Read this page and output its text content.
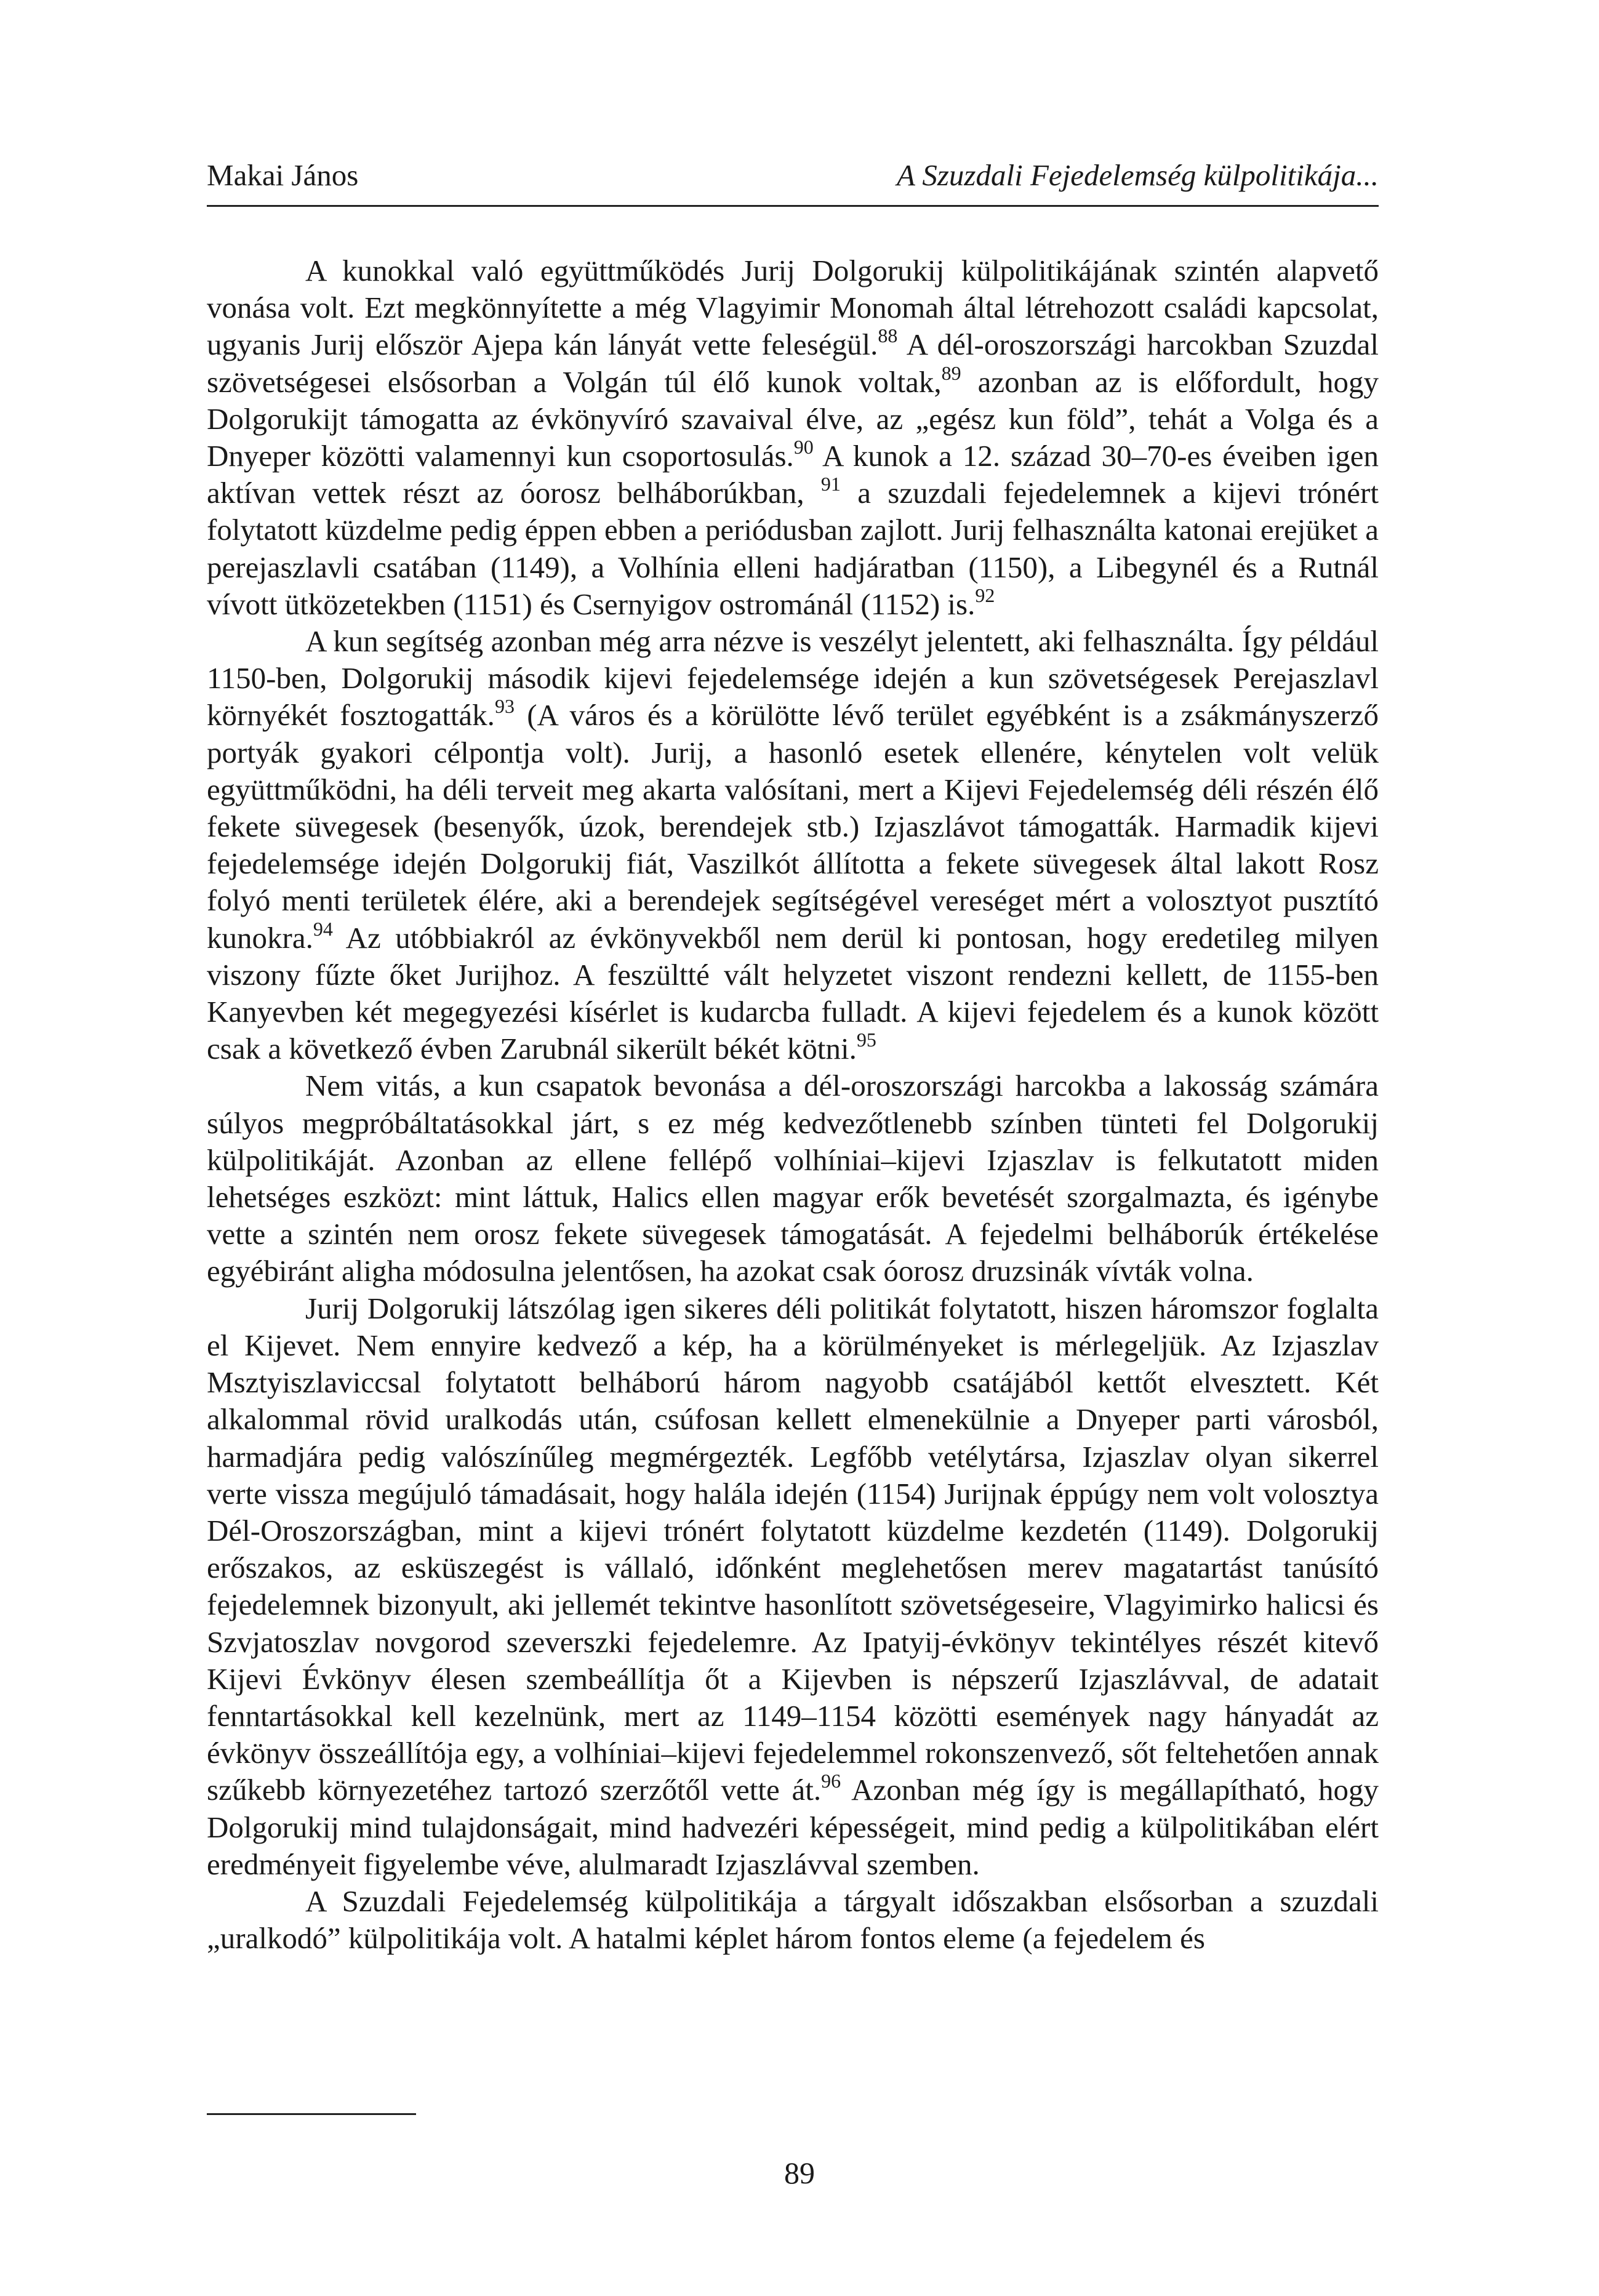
Makai János	A Szuzdali Fejedelemség külpolitikája...

A kunokkal való együttműködés Jurij Dolgorukij külpolitikájának szintén alapvető vonása volt. Ezt megkönnyítette a még Vlagyimir Monomah által létrehozott családi kapcsolat, ugyanis Jurij először Ajepa kán lányát vette feleségül.$^{88}$ A dél-oroszországi harcokban Szuzdal szövetségesei elsősorban a Volgán túl élő kunok voltak,$^{89}$ azonban az is előfordult, hogy Dolgorukijt támogatta az évkönyvíró szavaival élve, az „egész kun föld”, tehát a Volga és a Dnyeper közötti valamennyi kun csoportosulás.$^{90}$ A kunok a 12. század 30–70-es éveiben igen aktívan vettek részt az óorosz belháborúkban, $^{91}$ a szuzdali fejedelemnek a kijevi trónért folytatott küzdelme pedig éppen ebben a periódusban zajlott. Jurij felhasználta katonai erejüket a perejaszlavli csatában (1149), a Volhínia elleni hadjáratban (1150), a Libegynél és a Rutnál vívott ütközetekben (1151) és Csernyigov ostrománál (1152) is.$^{92}$

A kun segítség azonban még arra nézve is veszélyt jelentett, aki felhasználta. Így például 1150-ben, Dolgorukij második kijevi fejedelemsége idején a kun szövetségesek Perejaszlavl környékét fosztogatták.$^{93}$ (A város és a körülötte lévő terület egyébként is a zsákmányszerző portyák gyakori célpontja volt). Jurij, a hasonló esetek ellenére, kénytelen volt velük együttműködni, ha déli terveit meg akarta valósítani, mert a Kijevi Fejedelemség déli részén élő fekete süvegesek (besenyők, úzok, berendejek stb.) Izjaszlávot támogatták. Harmadik kijevi fejedelemsége idején Dolgorukij fiát, Vaszilkót állította a fekete süvegesek által lakott Rosz folyó menti területek élére, aki a berendejek segítségével vereséget mért a volosztyot pusztító kunokra.$^{94}$ Az utóbbiakról az évkönyvekből nem derül ki pontosan, hogy eredetileg milyen viszony fűzte őket Jurijhoz. A feszültté vált helyzetet viszont rendezni kellett, de 1155-ben Kanyevben két megegyezési kísérlet is kudarcba fulladt. A kijevi fejedelem és a kunok között csak a következő évben Zarubnál sikerült békét kötni.$^{95}$

Nem vitás, a kun csapatok bevonása a dél-oroszországi harcokba a lakosság számára súlyos megpróbáltatásokkal járt, s ez még kedvezőtlenebb színben tünteti fel Dolgorukij külpolitikáját. Azonban az ellene fellépő volhíniai–kijevi Izjaszlav is felkutatott miden lehetséges eszközt: mint láttuk, Halics ellen magyar erők bevetését szorgalmazta, és igénybe vette a szintén nem orosz fekete süvegesek támogatását. A fejedelmi belháborúk értékelése egyébiránt aligha módosulna jelentősen, ha azokat csak óorosz druzsinák vívták volna.

Jurij Dolgorukij látszólag igen sikeres déli politikát folytatott, hiszen háromszor foglalta el Kijevet. Nem ennyire kedvező a kép, ha a körülményeket is mérlegeljük. Az Izjaszlav Msztyiszlaviccsal folytatott belháború három nagyobb csatájából kettőt elvesztett. Két alkalommal rövid uralkodás után, csúfosan kellett elmenekülnie a Dnyeper parti városból, harmadjára pedig valószínűleg megmérgezték. Legfőbb vetélytársa, Izjaszlav olyan sikerrel verte vissza megújuló támadásait, hogy halála idején (1154) Jurijnak éppúgy nem volt volosztya Dél-Oroszországban, mint a kijevi trónért folytatott küzdelme kezdetén (1149). Dolgorukij erőszakos, az esküszegést is vállaló, időnként meglehetősen merev magatartást tanúsító fejedelemnek bizonyult, aki jellemét tekintve hasonlított szövetségeseire, Vlagyimirko halicsi és Szvjatoszlav novgorod szeverszki fejedelemre. Az Ipatyij-évkönyv tekintélyes részét kitevő Kijevi Évkönyv élesen szembeállítja őt a Kijevben is népszerű Izjaszlávval, de adatait fenntartásokkal kell kezelnünk, mert az 1149–1154 közötti események nagy hányadát az évkönyv összeállítója egy, a volhíniai–kijevi fejedelemmel rokonszenvező, sőt feltehetően annak szűkebb környezetéhez tartozó szerzőtől vette át.$^{96}$ Azonban még így is megállapítható, hogy Dolgorukij mind tulajdonságait, mind hadvezéri képességeit, mind pedig a külpolitikában elért eredményeit figyelembe véve, alulmaradt Izjaszlávval szemben.

A Szuzdali Fejedelemség külpolitikája a tárgyalt időszakban elsősorban a szuzdali „uralkodó” külpolitikája volt. A hatalmi képlet három fontos eleme (a fejedelem és

89
